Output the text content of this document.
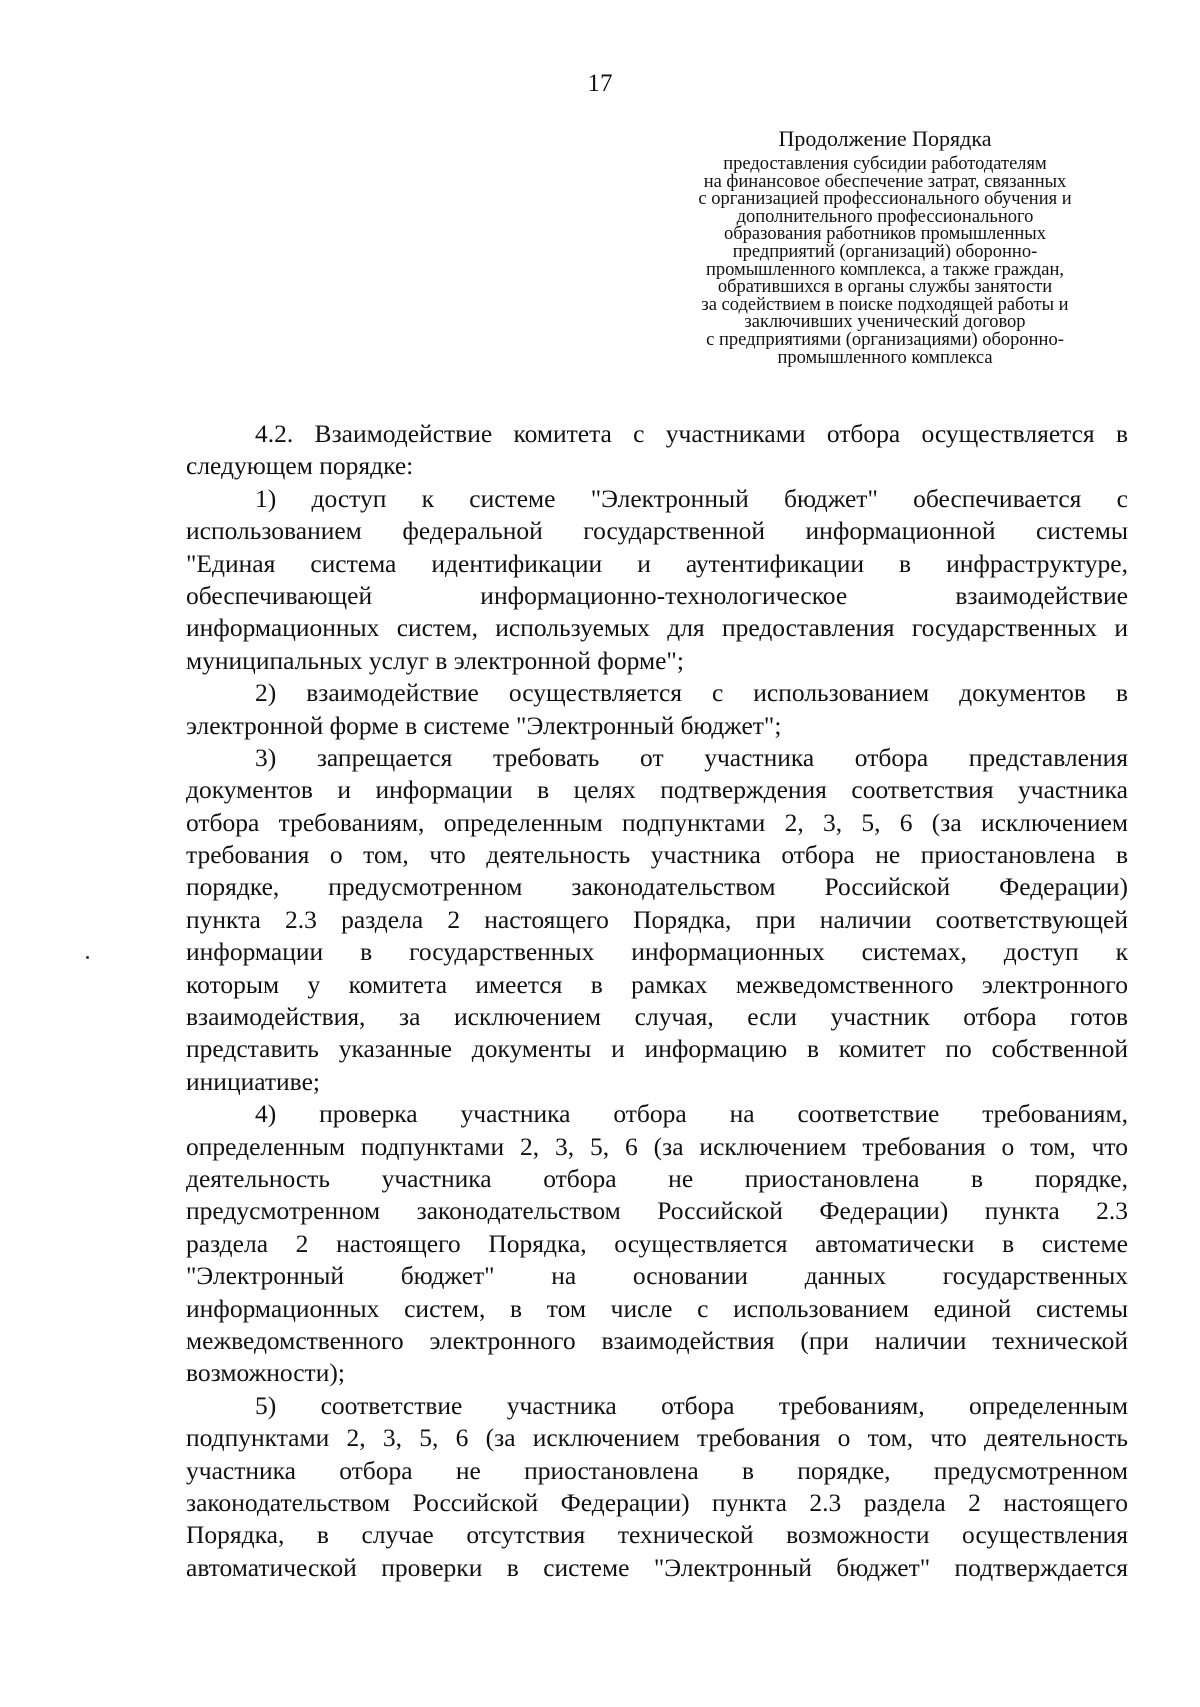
17
Продолжение Порядка
предоставления субсидии работодателям
на финансовое обеспечение затрат, связанных
с организацией профессионального обучения и
дополнительного профессионального
образования работников промышленных
предприятий (организаций) оборонно-
промышленного комплекса, а также граждан,
обратившихся в органы службы занятости
за содействием в поиске подходящей работы и
заключивших ученический договор
с предприятиями (организациями) оборонно-
промышленного комплекса
4.2. Взаимодействие комитета с участниками отбора осуществляется в
следующем порядке:
1) доступ к системе "Электронный бюджет" обеспечивается с
использованием федеральной государственной информационной системы
"Единая система идентификации и аутентификации в инфраструктуре,
обеспечивающей информационно-технологическое взаимодействие
информационных систем, используемых для предоставления государственных и
муниципальных услуг в электронной форме";
2) взаимодействие осуществляется с использованием документов в
электронной форме в системе "Электронный бюджет";
3) запрещается требовать от участника отбора представления
документов и информации в целях подтверждения соответствия участника
отбора требованиям, определенным подпунктами 2, 3, 5, 6 (за исключением
требования о том, что деятельность участника отбора не приостановлена в
порядке, предусмотренном законодательством Российской Федерации)
пункта 2.3 раздела 2 настоящего Порядка, при наличии соответствующей
информации в государственных информационных системах, доступ к
которым у комитета имеется в рамках межведомственного электронного
взаимодействия, за исключением случая, если участник отбора готов
представить указанные документы и информацию в комитет по собственной
инициативе;
4) проверка участника отбора на соответствие требованиям,
определенным подпунктами 2, 3, 5, 6 (за исключением требования о том, что
деятельность участника отбора не приостановлена в порядке,
предусмотренном законодательством Российской Федерации) пункта 2.3
раздела 2 настоящего Порядка, осуществляется автоматически в системе
"Электронный бюджет" на основании данных государственных
информационных систем, в том числе с использованием единой системы
межведомственного электронного взаимодействия (при наличии технической
возможности);
5) соответствие участника отбора требованиям, определенным
подпунктами 2, 3, 5, 6 (за исключением требования о том, что деятельность
участника отбора не приостановлена в порядке, предусмотренном
законодательством Российской Федерации) пункта 2.3 раздела 2 настоящего
Порядка, в случае отсутствия технической возможности осуществления
автоматической проверки в системе "Электронный бюджет" подтверждается
